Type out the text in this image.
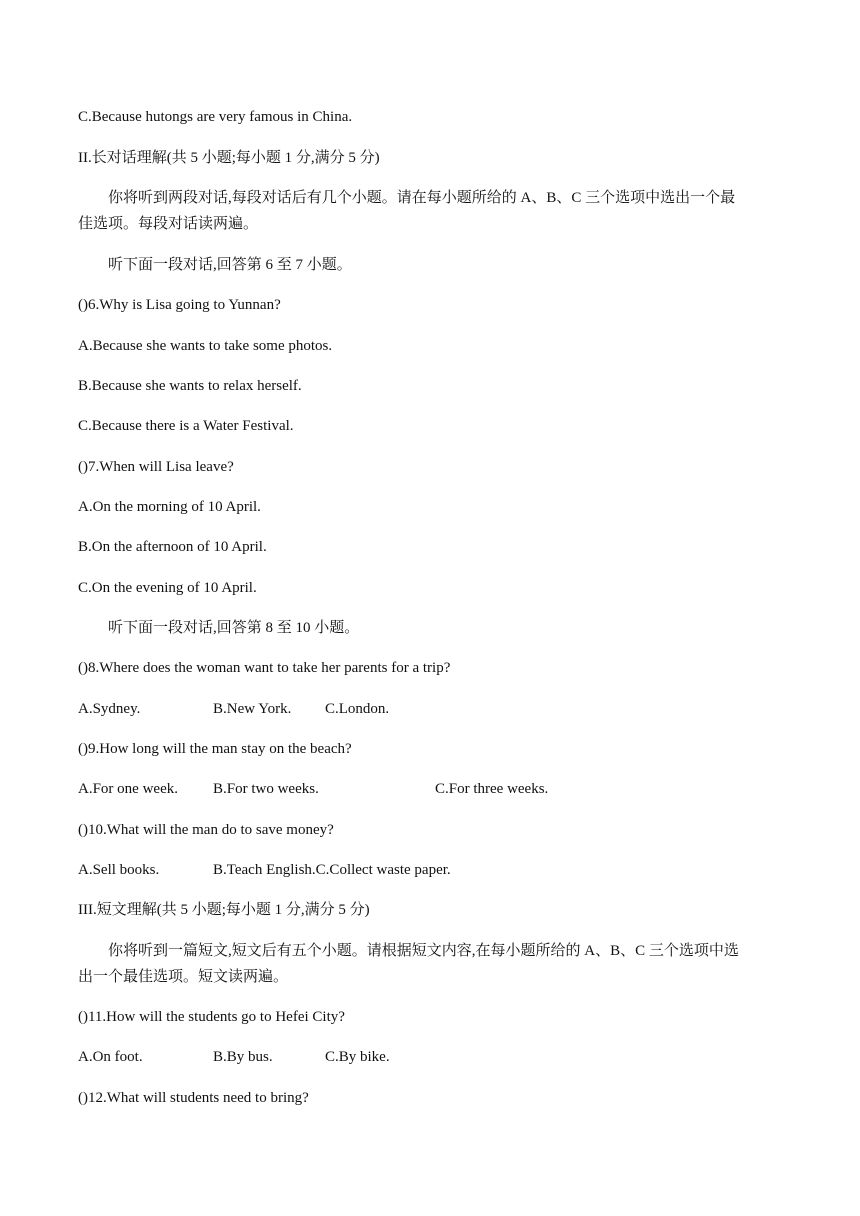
C.Because hutongs are very famous in China.
II.长对话理解(共 5 小题;每小题 1 分,满分 5 分)
你将听到两段对话,每段对话后有几个小题。请在每小题所给的 A、B、C 三个选项中选出一个最
佳选项。每段对话读两遍。
听下面一段对话,回答第 6 至 7 小题。
()6.Why is Lisa going to Yunnan?
A.Because she wants to take some photos.
B.Because she wants to relax herself.
C.Because there is a Water Festival.
()7.When will Lisa leave?
A.On the morning of 10 April.
B.On the afternoon of 10 April.
C.On the evening of 10 April.
听下面一段对话,回答第 8 至 10 小题。
()8.Where does the woman want to take her parents for a trip?
A.Sydney.	B.New York. C.London.
()9.How long will the man stay on the beach?
A.For one week. B.For two weeks.	C.For three weeks.
()10.What will the man do to save money?
A.Sell books.	B.Teach English.C.Collect waste paper.
III.短文理解(共 5 小题;每小题 1 分,满分 5 分)
你将听到一篇短文,短文后有五个小题。请根据短文内容,在每小题所给的 A、B、C 三个选项中选
出一个最佳选项。短文读两遍。
()11.How will the students go to Hefei City?
A.On foot.	B.By bus.	C.By bike.
()12.What will students need to bring?
